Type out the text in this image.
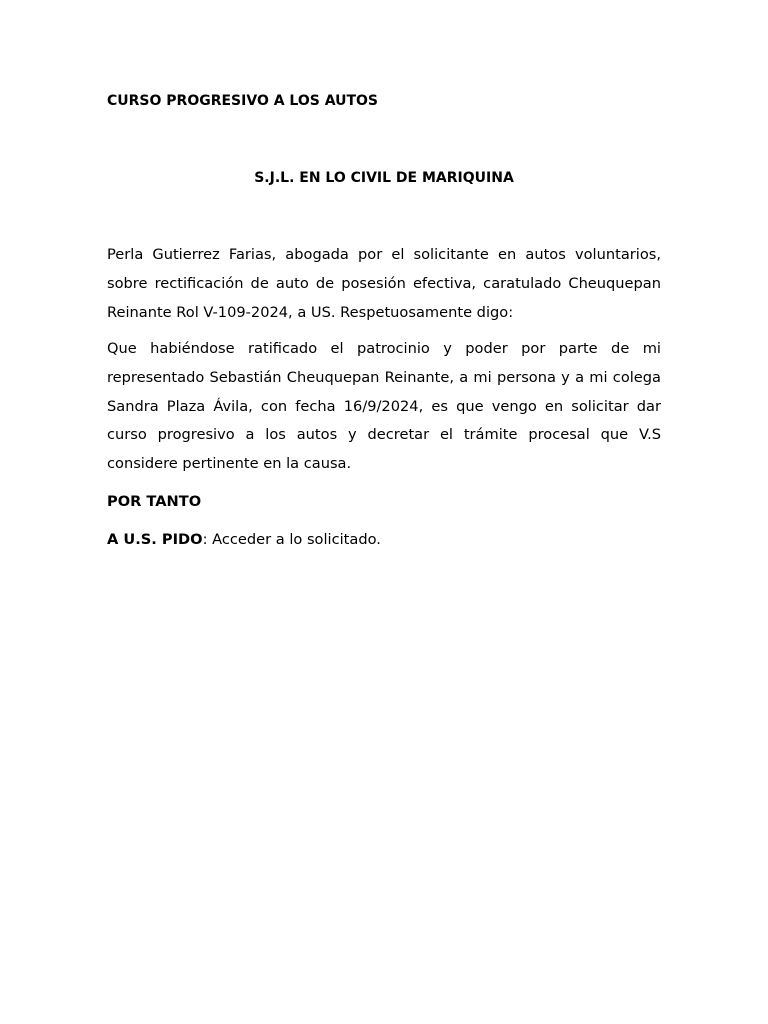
CURSO PROGRESIVO A LOS AUTOS
S.J.L. EN LO CIVIL DE MARIQUINA

Perla Gutierrez Farias, abogada por el solicitante en autos voluntarios,
sobre rectificación de auto de posesión efectiva, caratulado Cheuquepan
Reinante Rol V-109-2024, a US. Respetuosamente digo:

Que habiéndose ratificado el patrocinio y poder por parte de mi
representado Sebastián Cheuquepan Reinante, a mi persona y a mi colega
Sandra Plaza Ávila, con fecha 16/9/2024, es que vengo en solicitar dar
curso progresivo a los autos y decretar el trámite procesal que V.S
considere pertinente en la causa.

POR TANTO
A U.S. PIDO: Acceder a lo solicitado.
